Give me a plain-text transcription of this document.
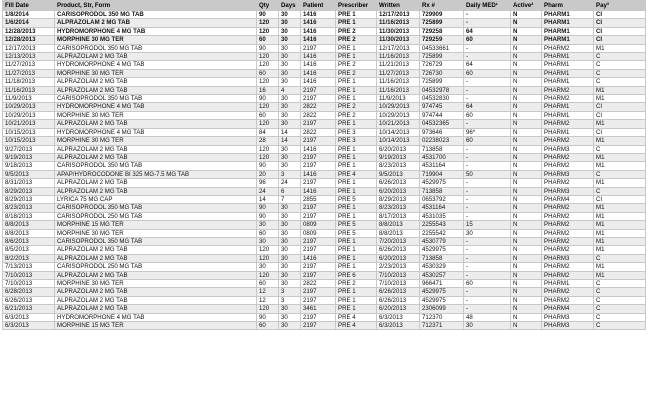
Fill Date	Product, Str, Form	Qty	Days	Patient	Prescriber	Written	Rx #	Daily MED¹	Active²	Pharm	Pay³
1/8/2014	CARISOPRODOL 350 MG TAB	90	30	1416	PRE 1	12/17/2013	729909	-	N	PHARM1	CI
1/6/2014	ALPRAZOLAM 2 MG TAB	120	30	1416	PRE 1	11/16/2013	725899	-	N	PHARM1	CI
12/28/2013	HYDROMORPHONE 4 MG TAB	120	30	1416	PRE 2	11/30/2013	729258	64	N	PHARM1	CI
12/28/2013	MORPHINE 30 MG TER	60	30	1416	PRE 2	11/30/2013	729259	60	N	PHARM1	CI
12/17/2013	CARISOPRODOL 350 MG TAB	90	30	2197	PRE 1	12/17/2013	04533661	-	N	PHARM2	M1
12/13/2013	ALPRAZOLAM 2 MG TAB	120	30	1416	PRE 1	11/16/2013	725899	-	N	PHARM1	C
11/27/2013	HYDROMORPHONE 4 MG TAB	120	30	1416	PRE 2	11/21/2013	726729	64	N	PHARM1	C
11/27/2013	MORPHINE 30 MG TER	60	30	1416	PRE 2	11/27/2013	726730	60	N	PHARM1	C
11/18/2013	ALPRAZOLAM 2 MG TAB	120	30	1416	PRE 1	11/16/2013	725899	-	N	PHARM1	C
11/16/2013	ALPRAZOLAM 2 MG TAB	16	4	2197	PRE 1	11/16/2013	04532978	-	N	PHARM2	M1
11/9/2013	CARISOPRODOL 350 MG TAB	90	30	2197	PRE 1	11/9/2013	04532830	-	N	PHARM2	M1
10/29/2013	HYDROMORPHONE 4 MG TAB	120	30	2822	PRE 2	10/29/2013	974745	64	N	PHARM1	CI
10/29/2013	MORPHINE 30 MG TER	60	30	2822	PRE 2	10/29/2013	974744	60	N	PHARM1	CI
10/21/2013	ALPRAZOLAM 2 MG TAB	120	30	2197	PRE 1	10/21/2013	04532365	-	N	PHARM2	M1
10/15/2013	HYDROMORPHONE 4 MG TAB	84	14	2822	PRE 3	10/14/2013	973646	96*	N	PHARM1	CI
10/15/2013	MORPHINE 30 MG TER	28	14	2197	PRE 3	10/14/2013	02238023	60	N	PHARM2	M1
9/27/2013	ALPRAZOLAM 2 MG TAB	120	30	1416	PRE 1	6/20/2013	713858	-	N	PHARM3	C
9/19/2013	ALPRAZOLAM 2 MG TAB	120	30	2197	PRE 1	9/19/2013	4531700	-	N	PHARM2	M1
9/18/2013	CARISOPRODOL 350 MG TAB	90	30	2197	PRE 1	8/23/2013	4531164	-	N	PHARM2	M1
9/5/2013	APAP/HYDROCODONE BI 325 MG-7.5 MG TAB	20	3	1416	PRE 4	9/5/2013	719904	50	N	PHARM3	C
8/31/2013	ALPRAZOLAM 2 MG TAB	96	24	2197	PRE 1	6/26/2013	4529975	-	N	PHARM2	M1
8/29/2013	ALPRAZOLAM 2 MG TAB	24	6	1416	PRE 1	6/20/2013	713858	-	N	PHARM3	C
8/29/2013	LYRICA 75 MG CAP	14	7	2855	PRE 5	8/29/2013	0653792	-	N	PHARM4	CI
8/23/2013	CARISOPRODOL 350 MG TAB	90	30	2197	PRE 1	8/23/2013	4531164	-	N	PHARM2	M1
8/18/2013	CARISOPRODOL 250 MG TAB	90	30	2197	PRE 1	8/17/2013	4531035	-	N	PHARM2	M1
8/8/2013	MORPHINE 15 MG TER	30	30	0809	PRE 5	8/8/2013	2255543	15	N	PHARM2	M1
8/8/2013	MORPHINE 30 MG TER	60	30	0809	PRE 5	8/8/2013	2255542	30	N	PHARM2	M1
8/6/2013	CARISOPRODOL 350 MG TAB	30	30	2197	PRE 1	7/20/2013	4530779	-	N	PHARM2	M1
8/5/2013	ALPRAZOLAM 2 MG TAB	120	30	2197	PRE 1	6/26/2013	4529975	-	N	PHARM2	M1
8/2/2013	ALPRAZOLAM 2 MG TAB	120	30	1416	PRE 1	6/20/2013	713858	-	N	PHARM3	C
7/13/2013	CARISOPRODOL 250 MG TAB	30	30	2197	PRE 1	2/23/2013	4530329	-	N	PHARM2	M1
7/10/2013	ALPRAZOLAM 2 MG TAB	120	30	2197	PRE 6	7/10/2013	4530257	-	N	PHARM2	M1
7/10/2013	MORPHINE 30 MG TER	60	30	2822	PRE 2	7/10/2013	966471	60	N	PHARM1	C
6/28/2013	ALPRAZOLAM 2 MG TAB	12	3	2197	PRE 1	6/26/2013	4529975	-	N	PHARM2	C
6/26/2013	ALPRAZOLAM 2 MG TAB	12	3	2197	PRE 1	6/26/2013	4529975	-	N	PHARM2	C
6/21/2013	ALPRAZOLAM 2 MG TAB	120	30	3461	PRE 1	6/20/2013	2306099	-	N	PHARM4	C
6/3/2013	HYDROMORPHONE 4 MG TAB	90	30	2197	PRE 4	6/3/2013	712370	48	N	PHARM3	C
6/3/2013	MORPHINE 15 MG TER	60	30	2197	PRE 4	6/3/2013	712371	30	N	PHARM3	C
